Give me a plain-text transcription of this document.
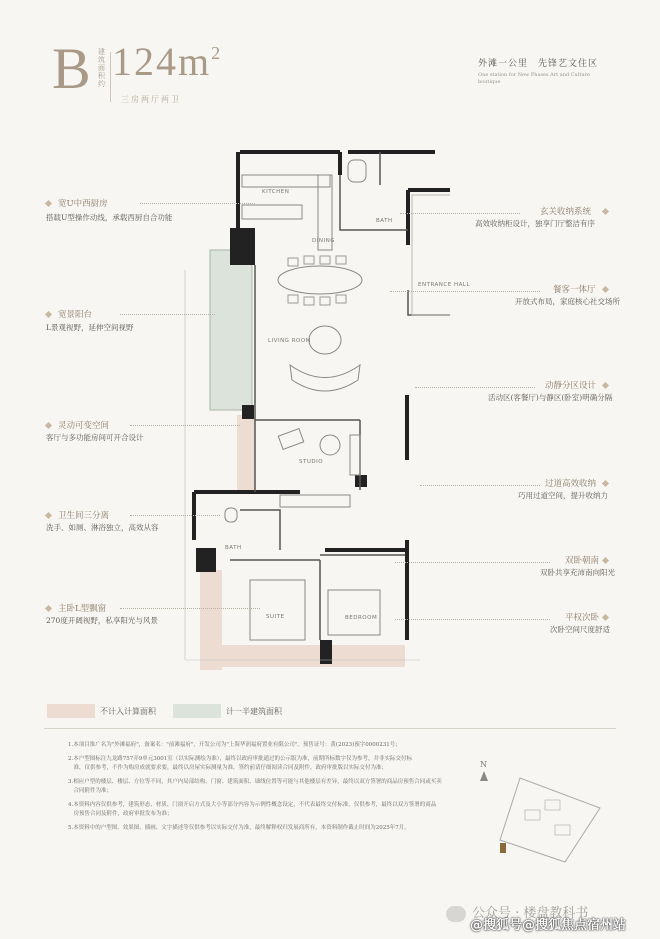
B 建筑面积约 $124m^2$
三房两厅两卫
外滩一公里　先锋艺文住区
One station for New Phases Art and Culture boutique
KITCHEN
DINING
BATH
ENTRANCE HALL
LIVING ROOM
STUDIO
BATH
SUITE	BEDROOM
宽U中西厨房
搭载U型操作动线，承载西厨自合功能
宽景阳台
L景观视野，延伸空间视野
灵动可变空间
客厅与多功能房间可开合设计
卫生间三分离
洗手、如厕、淋浴独立，高效从容
主卧L型飘窗
270度开阔视野，私享阳光与风景
玄关收纳系统
高效收纳柜设计，独享门厅整洁有序
餐客一体厅
开放式布局，家庭核心社交场所
动静分区设计
活动区(客餐厅)与静区(卧室)明确分隔
过道高效收纳
巧用过道空间，提升收纳力
双卧朝南
双卧共享充沛南向阳光
平权次卧
次卧空间尺度舒适
不计入计算面积	计一半建筑面积
1.本项目推广名为"外滩福府"，备案名："前滩福府"，开发公司为"上海华润福府置业有限公司"。预售证号：黄(2023)预字0000231号；
2.本户型图标注九龙路757弄9单元3001室（以实际测绘为准），最终以政府审批通过的公示版为准，前期所标数字仅为参考，并非实际交付标
　准，仅供参考，不作为购房成就要求要，最终以房屋实际测量为准，签约前请仔细阅读合同及附件，政府审批版以实际交付为准；
3.相应户型的楼层、楼层、方位等不同，其户内局部结构、门窗、建筑面积、墙线位置等可能与其他楼层有差异，最终以双方签署的商品房预售合同或买卖
　合同附件为准；
4.本资料内容仅供参考，建筑形态、材质、门窗开启方式及大小等部分内容为示例性概念设定，不代表最终交付标准，仅供参考，最终以双方签署的商品
　房预售合同及附件，政府审批发布为准；
5.本资料中的户型图、效果图、插画、文字描述等仅供参考以实际交付为准，最终解释权归发展商所有，本资料制作截止时间为2025年7月。
N
公众号 · 楼盘教科书
@搜狐号@搜狐焦点宿州站
